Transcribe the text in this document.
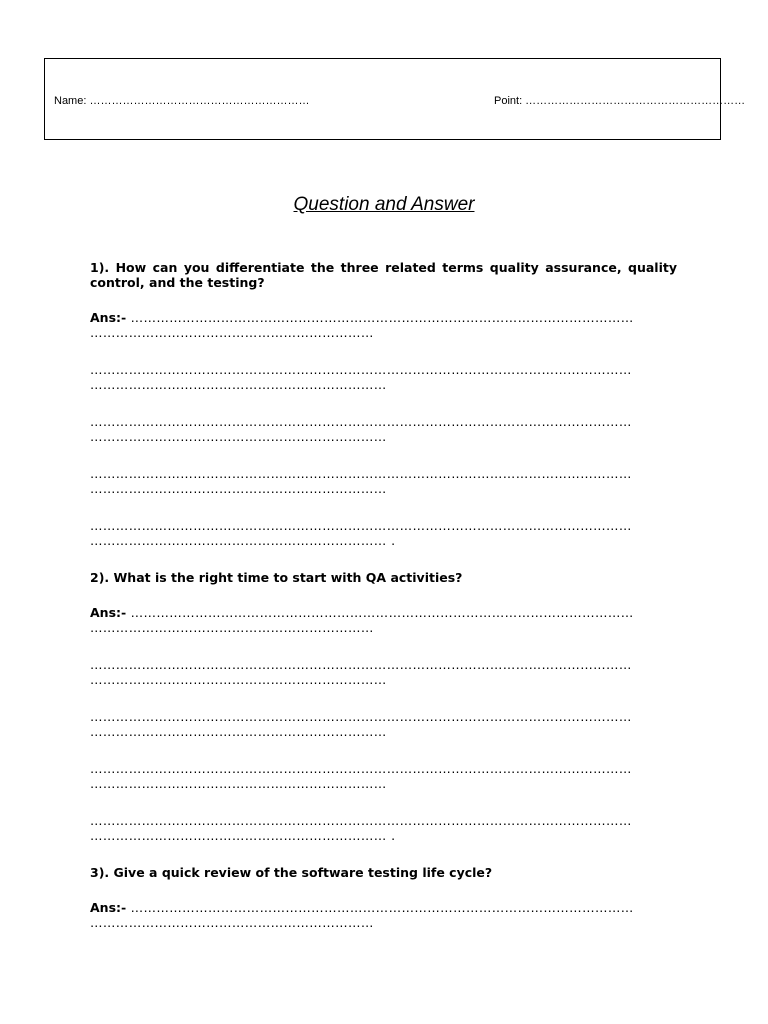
Name: ……………………………………………………	Point: ……………………………………………………
Question and Answer

1). How can you differentiate the three related terms quality assurance, quality control, and the testing?

Ans:- ………………………………………………………………………………………………………
…………………………………………………………

………………………………………………………………………………………………………………
……………………………………………………………

………………………………………………………………………………………………………………
……………………………………………………………

………………………………………………………………………………………………………………
……………………………………………………………

………………………………………………………………………………………………………………
…………………………………………………………… .

2). What is the right time to start with QA activities?

Ans:- ………………………………………………………………………………………………………
…………………………………………………………

………………………………………………………………………………………………………………
……………………………………………………………

………………………………………………………………………………………………………………
……………………………………………………………

………………………………………………………………………………………………………………
……………………………………………………………

………………………………………………………………………………………………………………
…………………………………………………………… .

3). Give a quick review of the software testing life cycle?

Ans:- ………………………………………………………………………………………………………
…………………………………………………………
